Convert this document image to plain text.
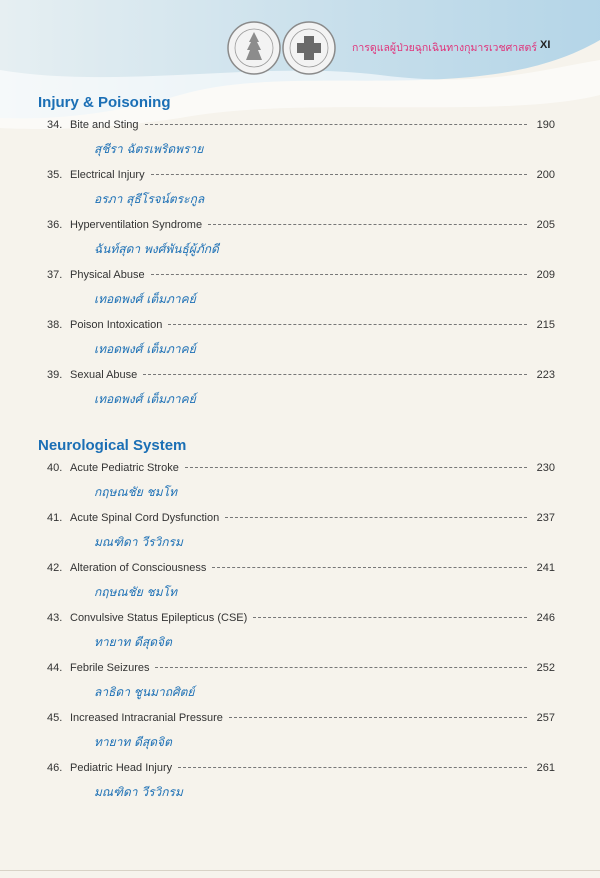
การดูแลผู้ป่วยฉุกเฉินทางกุมารเวชศาสตร์ XI
Injury & Poisoning
34. Bite and Sting	190
สุชีรา ฉัตรเพริดพราย
35. Electrical Injury	200
อรภา สุธีโรจน์ตระกูล
36. Hyperventilation Syndrome	205
ฉันท์สุดา พงศ์พันธุ์ผู้ภักดี
37. Physical Abuse	209
เทอดพงศ์ เต็มภาคย์
38. Poison Intoxication	215
เทอดพงศ์ เต็มภาคย์
39. Sexual Abuse	223
เทอดพงศ์ เต็มภาคย์
Neurological System
40. Acute Pediatric Stroke	230
กฤษณชัย ชมโท
41. Acute Spinal Cord Dysfunction	237
มณฑิดา วีรวิกรม
42. Alteration of Consciousness	241
กฤษณชัย ชมโท
43. Convulsive Status Epilepticus (CSE)	246
ทายาท ดีสุดจิต
44. Febrile Seizures	252
ลาธิดา ชูนมาถศิตย์
45. Increased Intracranial Pressure	257
ทายาท ดีสุดจิต
46. Pediatric Head Injury	261
มณฑิดา วีรวิกรม
